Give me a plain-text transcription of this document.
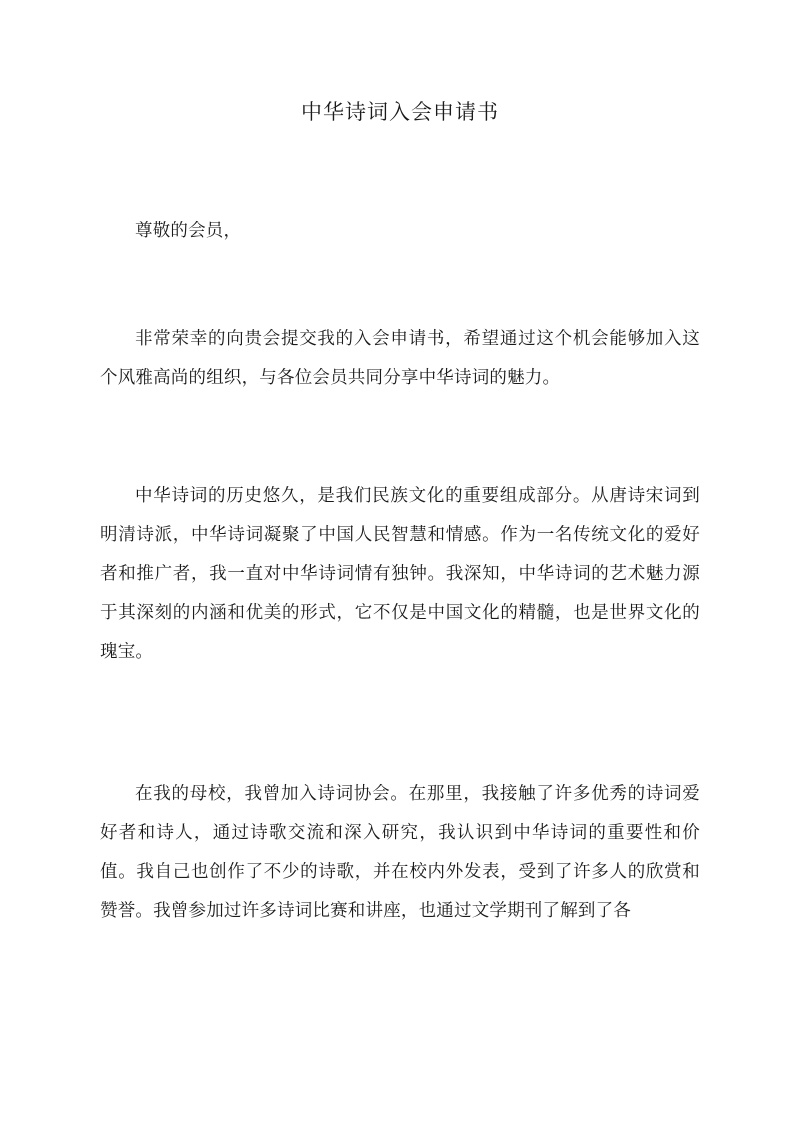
中华诗词入会申请书

尊敬的会员，

非常荣幸的向贵会提交我的入会申请书，希望通过这个机会能够加入这个风雅高尚的组织，与各位会员共同分享中华诗词的魅力。

中华诗词的历史悠久，是我们民族文化的重要组成部分。从唐诗宋词到明清诗派，中华诗词凝聚了中国人民智慧和情感。作为一名传统文化的爱好者和推广者，我一直对中华诗词情有独钟。我深知，中华诗词的艺术魅力源于其深刻的内涵和优美的形式，它不仅是中国文化的精髓，也是世界文化的瑰宝。

在我的母校，我曾加入诗词协会。在那里，我接触了许多优秀的诗词爱好者和诗人，通过诗歌交流和深入研究，我认识到中华诗词的重要性和价值。我自己也创作了不少的诗歌，并在校内外发表，受到了许多人的欣赏和赞誉。我曾参加过许多诗词比赛和讲座，也通过文学期刊了解到了各
